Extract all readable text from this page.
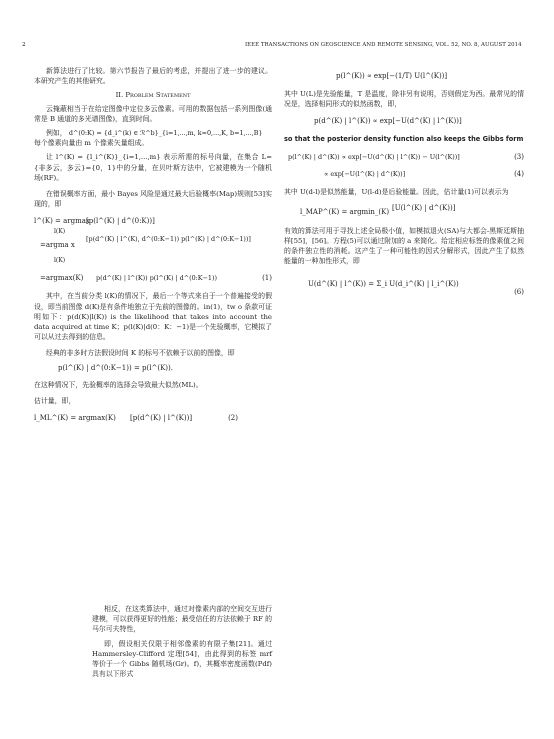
2	IEEE TRANSACTIONS ON GEOSCIENCE AND REMOTE SENSING, VOL. 52, NO. 8, AUGUST 2014

新算法进行了比较。第六节报告了最后的考虑，并提出了进一步的建议。本研究产生的其他研究。

II. Problem Statement

云掩蔽相当于在给定图像中定位多云像素。可用的数据包括一系列图像(通常是 B 通道的多光谱图像)，直到时间。

例如， d^(0:K) = {d_i^(k) ∈ ℛ^b}_{i=1,...,m, k=0,...,K, b=1,...,B}

每个像素向量由 m 个像素矢量组成。

让 l^(K) = {l_i^(K)}_{i=1,...,m} 表示所需的标号向量，在集合 L={非多云，多云}={0，1}中的分量，在贝叶斯方法中，它被建模为一个随机场(RF)。

在错误概率方面，最小 Bayes 风险是通过最大后验概率(Map)规则[53]实现的，即

l^(K) = argmax
[p(l^(K) | d^(0:K))]
l(K)
=argma x
[p(d^(K) | l^(K), d^(0:K−1)) p(l^(K) | d^(0:K−1))]
l(K)
=argmax(K) p(d^(K) | l^(K)) p(l^(K) | d^(0:K−1))	(1)

其中，在当前分类 l(K)的情况下，最后一个等式来自于一个普遍接受的假设，即当前图像 d(K)是有条件地独立于先前的图像的。in(1)，tw o 条款可证明如下：p(d(K)|l(K)) is the likelihood that takes into account the data acquired at time K；p(l(K)|d(0：K：−1)是一个先验概率，它模拟了可以从过去得到的信息。

经典的非多时方法假设时间 K 的标号不依赖于以前的图像，即

p(l^(K) | d^(0:K−1)) = p(l^(K)).

在这种情况下，先验概率的选择会导致最大似然(ML)。

估计量，即，

l_ML^(K) = argmax(K) [p(d^(K) | l^(K))]	(2)

相反，在这类算法中，通过对像素内部的空间交互进行建模，可以获得更好的性能；最受信任的方法依赖于 RF 的马尔可夫特性，

即，假设相关仅限于相邻像素的有限子集[21]。通过 Hammersley-Clifford 定理[54]，由此得到的标签 mrf 等价于一个 Gibbs 随机场(Gr)。f)，其概率密度函数(Pdf)具有以下形式

p(l^(K)) ∝ exp[−(1/T) U(l^(K))]

其中 U(L)是先验能量，T 是温度，除非另有说明，否则假定为西。最常见的情况是，选择相同形式的似然函数，即，

p(d^(K) | l^(K)) ∝ exp[−U(d^(K) | l^(K))]

so that the posterior density function also keeps the Gibbs form

p(l^(K) | d^(K)) ∝ exp[−U(d^(K) | l^(K)) − U(l^(K))]	(3)
∝ exp[−U(l^(K) | d^(K))]	(4)

其中 U(d-l)是似然能量，U(l-d)是后验能量。因此，估计量(1)可以表示为

l_MAP^(K) = argmin_(K) [U(l^(K) | d^(K))]

有效的算法可用于寻找上述全局极小值，如模拟退火(SA)与大都会-黑斯廷斯抽样[55]，[56]。方程(5)可以通过附加的 a 来简化。给定相应标签的像素值之间的条件独立性的消耗。这产生了一种可能性的因式分解形式，因此产生了似然能量的一种加性形式，即

U(d^(K) | l^(K)) = Σ_i U(d_i^(K) | l_i^(K))
(6)
